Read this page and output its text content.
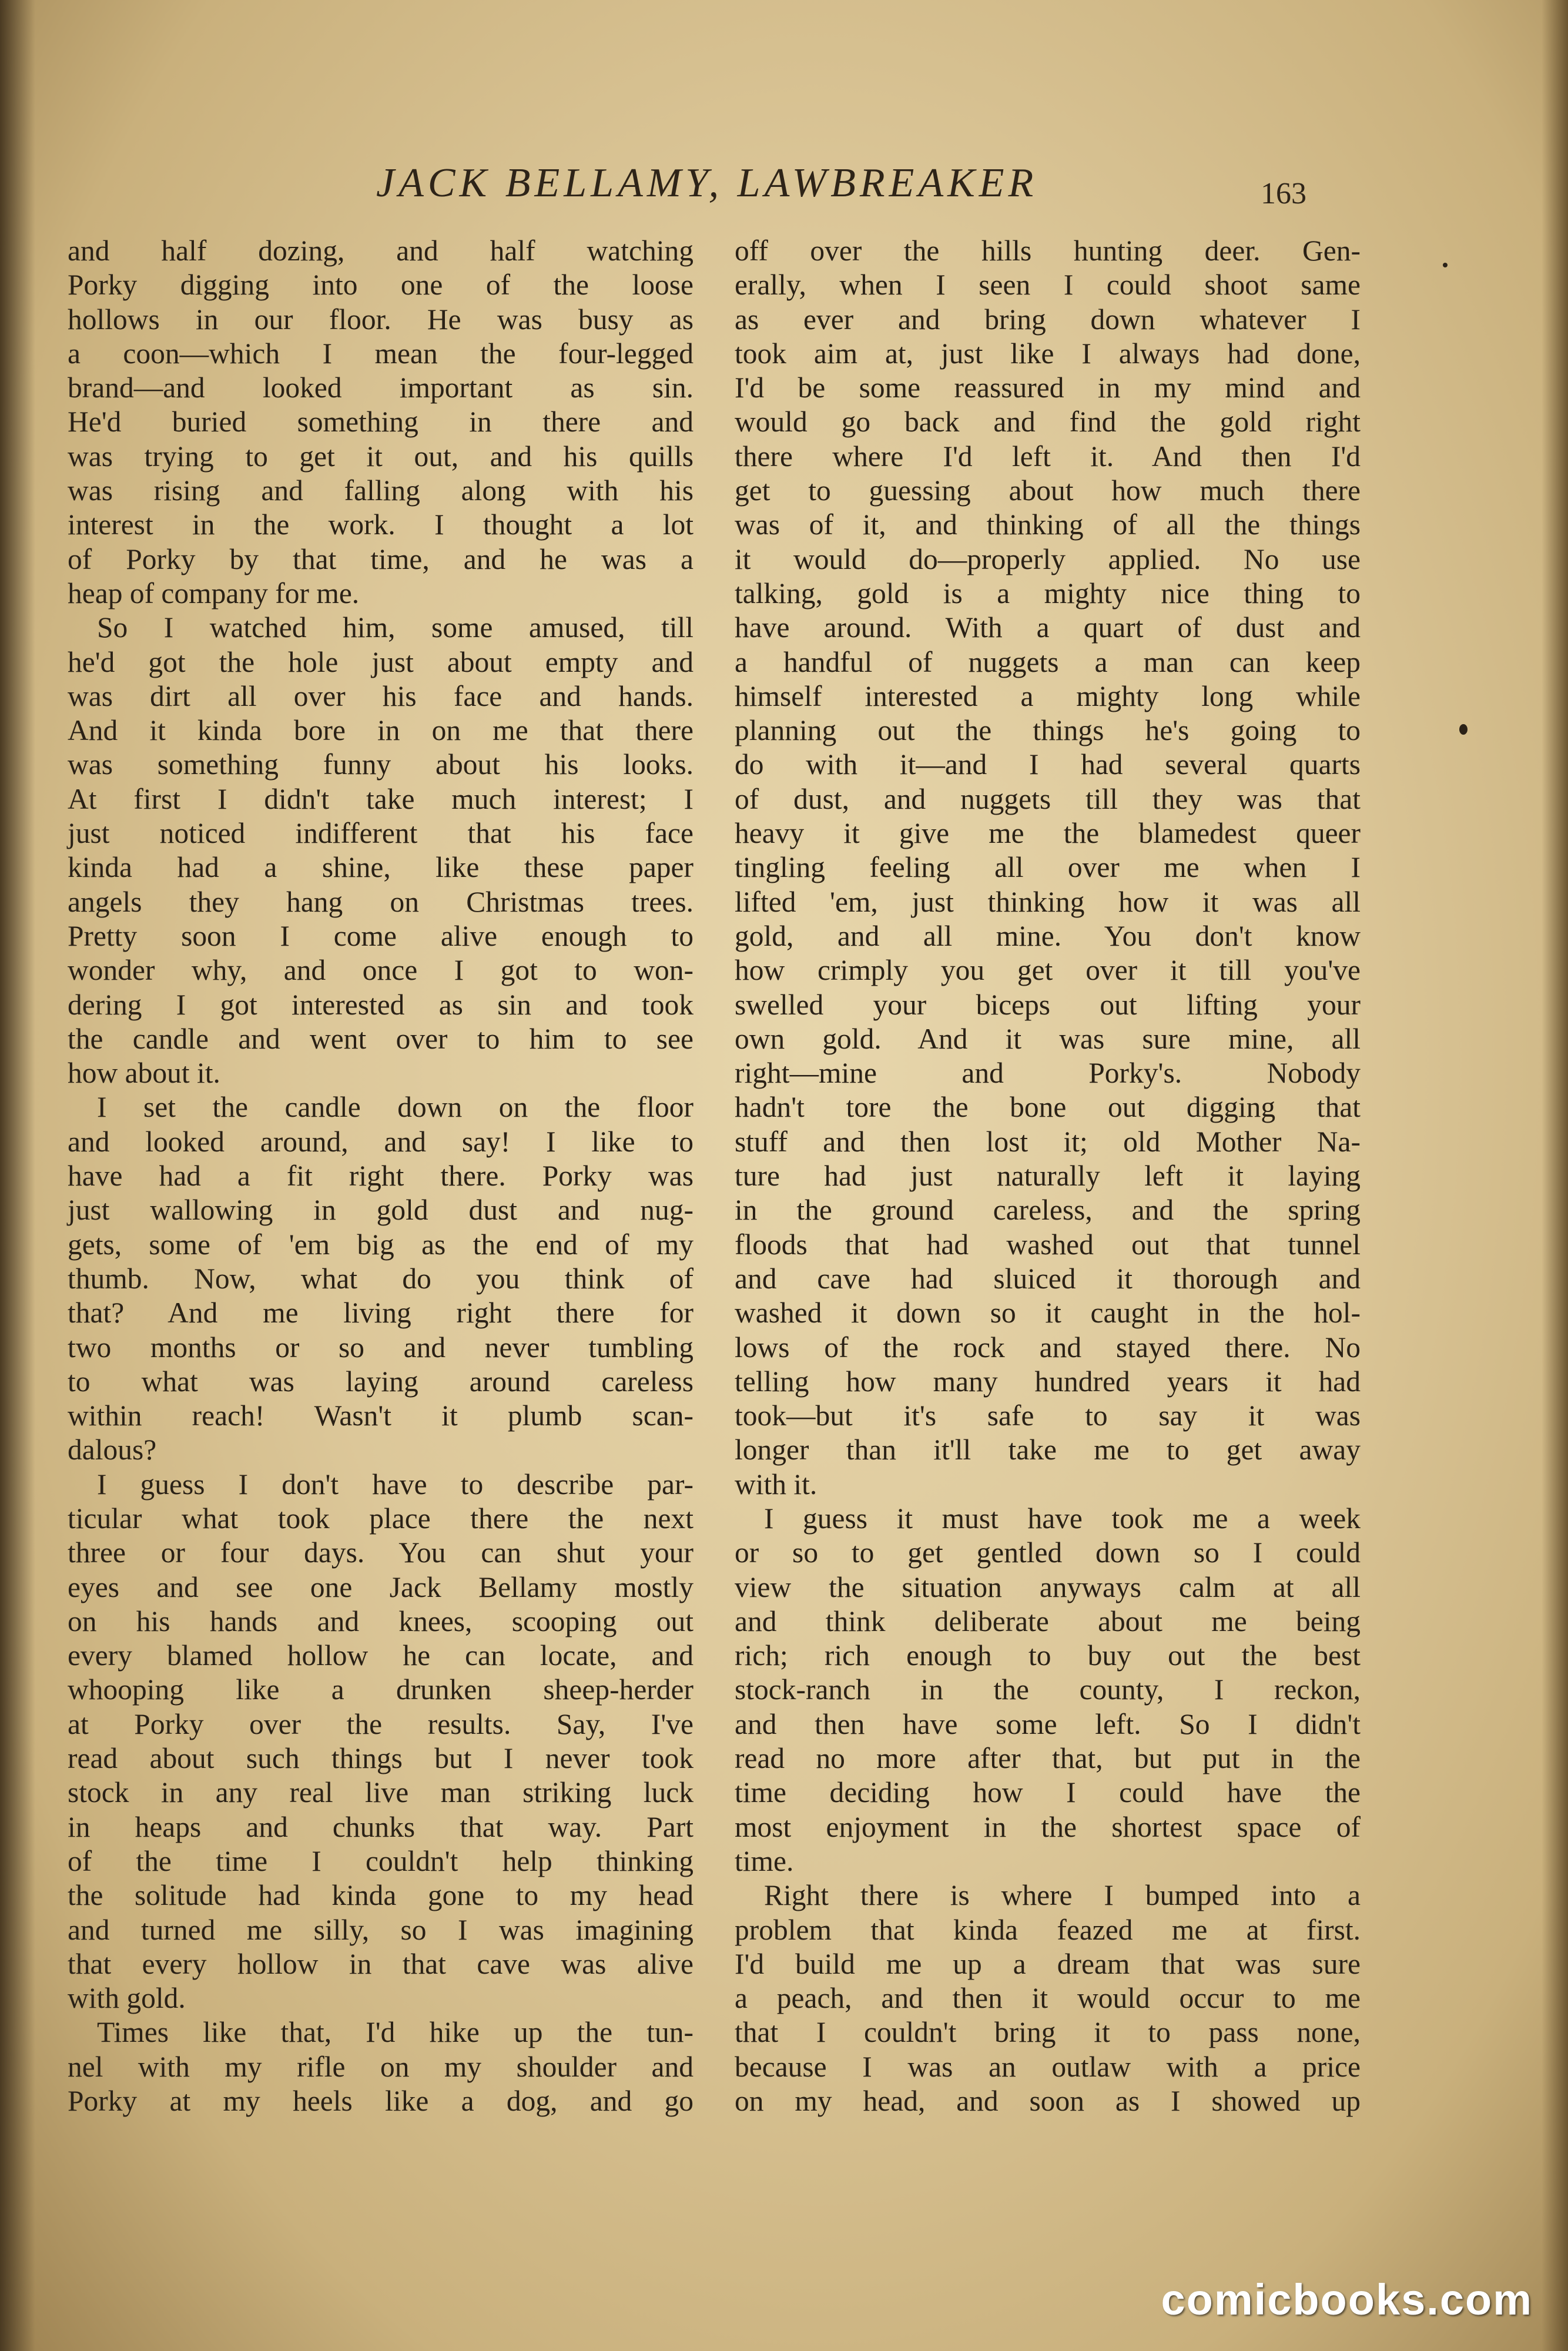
JACK BELLAMY, LAWBREAKER	163

and half dozing, and half watching

Porky digging into one of the loose

hollows in our floor. He was busy as

a coon—which I mean the four-legged

brand—and looked important as sin.

He'd buried something in there and

was trying to get it out, and his quills

was rising and falling along with his

interest in the work. I thought a lot

of Porky by that time, and he was a

heap of company for me.

So I watched him, some amused, till

he'd got the hole just about empty and

was dirt all over his face and hands.

And it kinda bore in on me that there

was something funny about his looks.

At first I didn't take much interest; I

just noticed indifferent that his face

kinda had a shine, like these paper

angels they hang on Christmas trees.

Pretty soon I come alive enough to

wonder why, and once I got to won-

dering I got interested as sin and took

the candle and went over to him to see

how about it.

I set the candle down on the floor

and looked around, and say! I like to

have had a fit right there. Porky was

just wallowing in gold dust and nug-

gets, some of 'em big as the end of my

thumb. Now, what do you think of

that? And me living right there for

two months or so and never tumbling

to what was laying around careless

within reach! Wasn't it plumb scan-

dalous?

I guess I don't have to describe par-

ticular what took place there the next

three or four days. You can shut your

eyes and see one Jack Bellamy mostly

on his hands and knees, scooping out

every blamed hollow he can locate, and

whooping like a drunken sheep-herder

at Porky over the results. Say, I've

read about such things but I never took

stock in any real live man striking luck

in heaps and chunks that way. Part

of the time I couldn't help thinking

the solitude had kinda gone to my head

and turned me silly, so I was imagining

that every hollow in that cave was alive

with gold.

Times like that, I'd hike up the tun-

nel with my rifle on my shoulder and

Porky at my heels like a dog, and go

off over the hills hunting deer. Gen-

erally, when I seen I could shoot same

as ever and bring down whatever I

took aim at, just like I always had done,

I'd be some reassured in my mind and

would go back and find the gold right

there where I'd left it. And then I'd

get to guessing about how much there

was of it, and thinking of all the things

it would do—properly applied. No use

talking, gold is a mighty nice thing to

have around. With a quart of dust and

a handful of nuggets a man can keep

himself interested a mighty long while

planning out the things he's going to

do with it—and I had several quarts

of dust, and nuggets till they was that

heavy it give me the blamedest queer

tingling feeling all over me when I

lifted 'em, just thinking how it was all

gold, and all mine. You don't know

how crimply you get over it till you've

swelled your biceps out lifting your

own gold. And it was sure mine, all

right—mine and Porky's. Nobody

hadn't tore the bone out digging that

stuff and then lost it; old Mother Na-

ture had just naturally left it laying

in the ground careless, and the spring

floods that had washed out that tunnel

and cave had sluiced it thorough and

washed it down so it caught in the hol-

lows of the rock and stayed there. No

telling how many hundred years it had

took—but it's safe to say it was

longer than it'll take me to get away

with it.

I guess it must have took me a week

or so to get gentled down so I could

view the situation anyways calm at all

and think deliberate about me being

rich; rich enough to buy out the best

stock-ranch in the county, I reckon,

and then have some left. So I didn't

read no more after that, but put in the

time deciding how I could have the

most enjoyment in the shortest space of

time.

Right there is where I bumped into a

problem that kinda feazed me at first.

I'd build me up a dream that was sure

a peach, and then it would occur to me

that I couldn't bring it to pass none,

because I was an outlaw with a price

on my head, and soon as I showed up

comicbooks.com
